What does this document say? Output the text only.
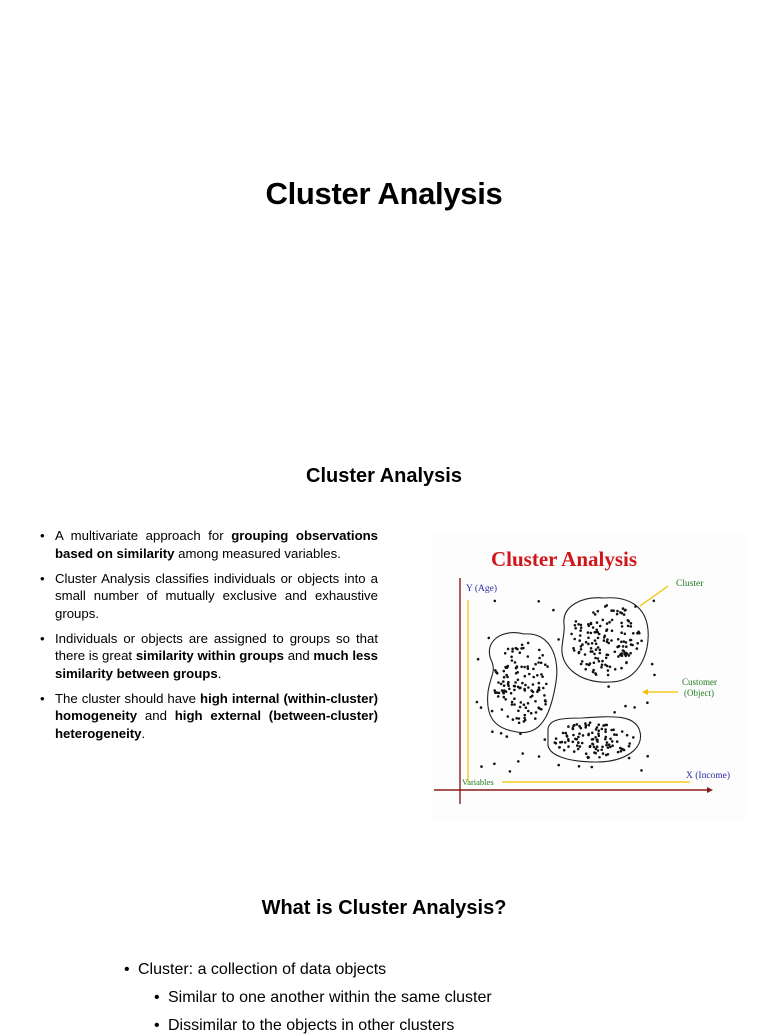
Cluster Analysis
Cluster Analysis
• A multivariate approach for grouping observations based on similarity among measured variables.
• Cluster Analysis classifies individuals or objects into a small number of mutually exclusive and exhaustive groups.
• Individuals or objects are assigned to groups so that there is great similarity within groups and much less similarity between groups.
• The cluster should have high internal (within-cluster) homogeneity and high external (between-cluster) heterogeneity.
Cluster Analysis
Cluster
Customer
(Object)
Y (Age)
X (Income)
Variables
What is Cluster Analysis?
• Cluster: a collection of data objects
• Similar to one another within the same cluster
• Dissimilar to the objects in other clusters
